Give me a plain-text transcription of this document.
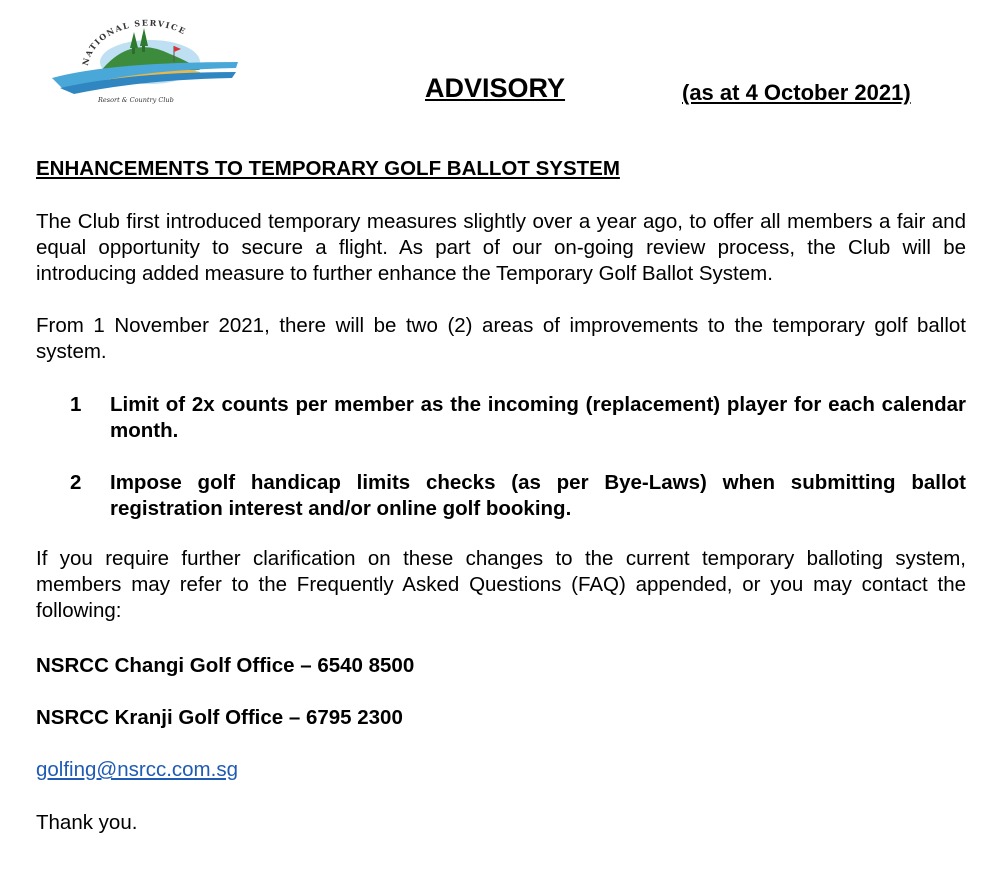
NATIONAL SERVICE
Resort & Country Club	ADVISORY	(as at 4 October 2021)

ENHANCEMENTS TO TEMPORARY GOLF BALLOT SYSTEM

The Club first introduced temporary measures slightly over a year ago, to offer all members a fair and equal opportunity to secure a flight. As part of our on-going review process, the Club will be introducing added measure to further enhance the Temporary Golf Ballot System.

From 1 November 2021, there will be two (2) areas of improvements to the temporary golf ballot system.

1	Limit of 2x counts per member as the incoming (replacement) player for each calendar month.
2	Impose golf handicap limits checks (as per Bye-Laws) when submitting ballot registration interest and/or online golf booking.

If you require further clarification on these changes to the current temporary balloting system, members may refer to the Frequently Asked Questions (FAQ) appended, or you may contact the following:

NSRCC Changi Golf Office – 6540 8500

NSRCC Kranji Golf Office – 6795 2300

golfing@nsrcc.com.sg

Thank you.
